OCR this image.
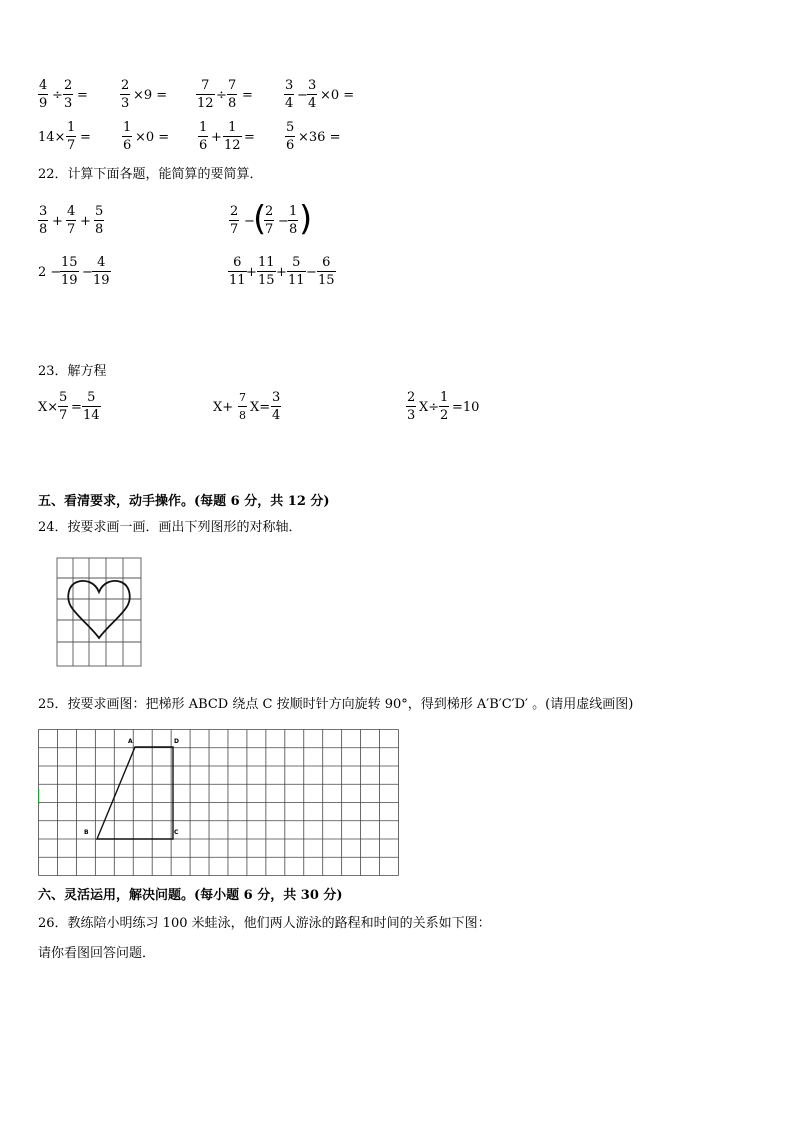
4
9
÷
2
3
=
2
3
×9 =
7
12
÷
7
8
=
3
4
−
3
4
×0 =
14×
1
7
=
1
6
×0 =
1
6
+
1
12
=
5
6
×36 =
22．计算下面各题，能简算的要简算．
3
8
+
4
7
+
5
8
2
7
−
(
2
7
−
1
8 )
2 −
15
19
−
4
19
6
11
+
11
15
+
5
11
−
6
15
23．解方程
X×
5
7
=
5
14
X+
7
8
X=
3
4
2
3
X÷
1
2
=10
五、看清要求，动手操作。(每题 6 分，共 12 分)
24．按要求画一画．画出下列图形的对称轴．
25．按要求画图：把梯形 ABCD 绕点 C 按顺时针方向旋转 90°，得到梯形 A′B′C′D′ 。(请用虚线画图)
A	D
B	C
六、灵活运用，解决问题。(每小题 6 分，共 30 分)
26．教练陪小明练习 100 米蛙泳，他们两人游泳的路程和时间的关系如下图：
请你看图回答问题．
